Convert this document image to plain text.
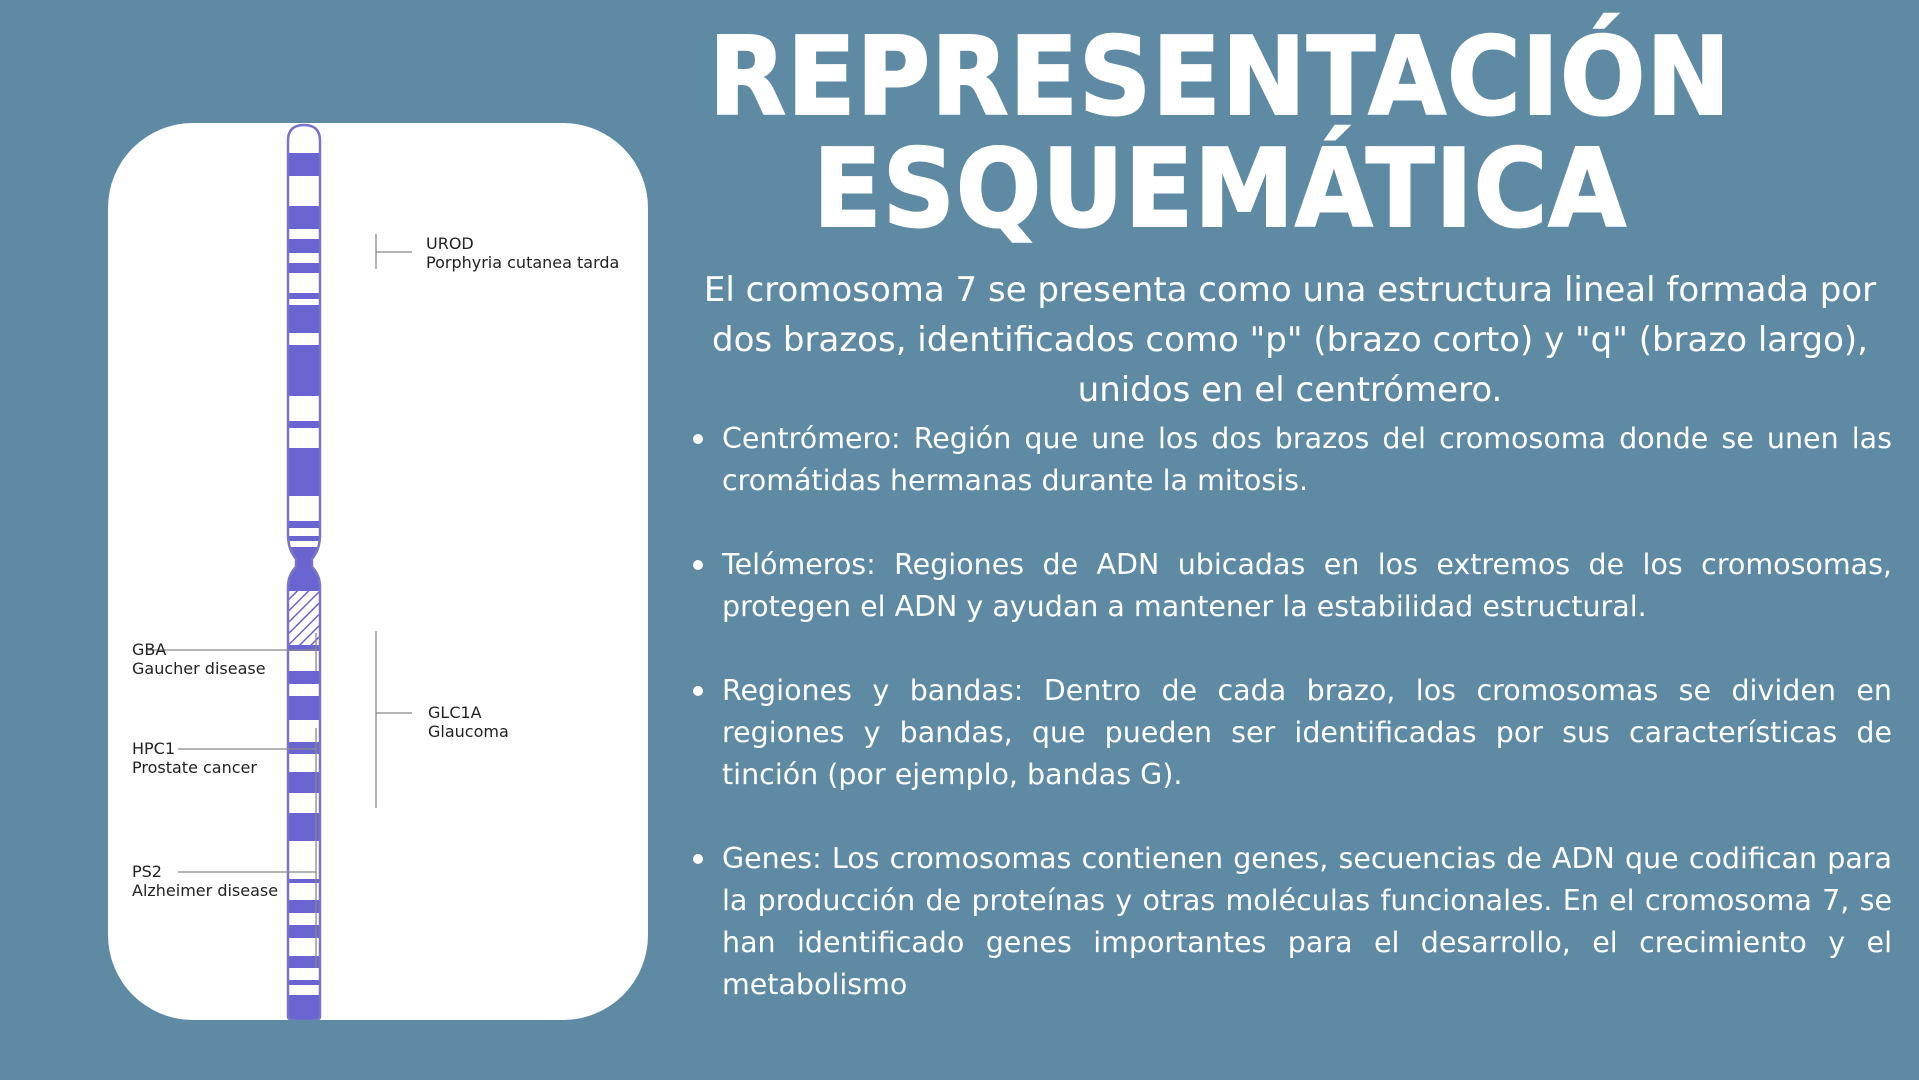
UROD
Porphyria cutanea tarda
GBA
Gaucher disease
GLC1A
Glaucoma
HPC1
Prostate cancer
PS2
Alzheimer disease
REPRESENTACIÓN
ESQUEMÁTICA

El cromosoma 7 se presenta como una estructura lineal formada por dos brazos, identificados como "p" (brazo corto) y "q" (brazo largo), unidos en el centrómero.

Centrómero: Región que une los dos brazos del cromosoma donde se unen las cromátidas hermanas durante la mitosis.
Telómeros: Regiones de ADN ubicadas en los extremos de los cromosomas, protegen el ADN y ayudan a mantener la estabilidad estructural.
Regiones y bandas: Dentro de cada brazo, los cromosomas se dividen en regiones y bandas, que pueden ser identificadas por sus características de tinción (por ejemplo, bandas G).
Genes: Los cromosomas contienen genes, secuencias de ADN que codifican para la producción de proteínas y otras moléculas funcionales. En el cromosoma 7, se han identificado genes importantes para el desarrollo, el crecimiento y el metabolismo
